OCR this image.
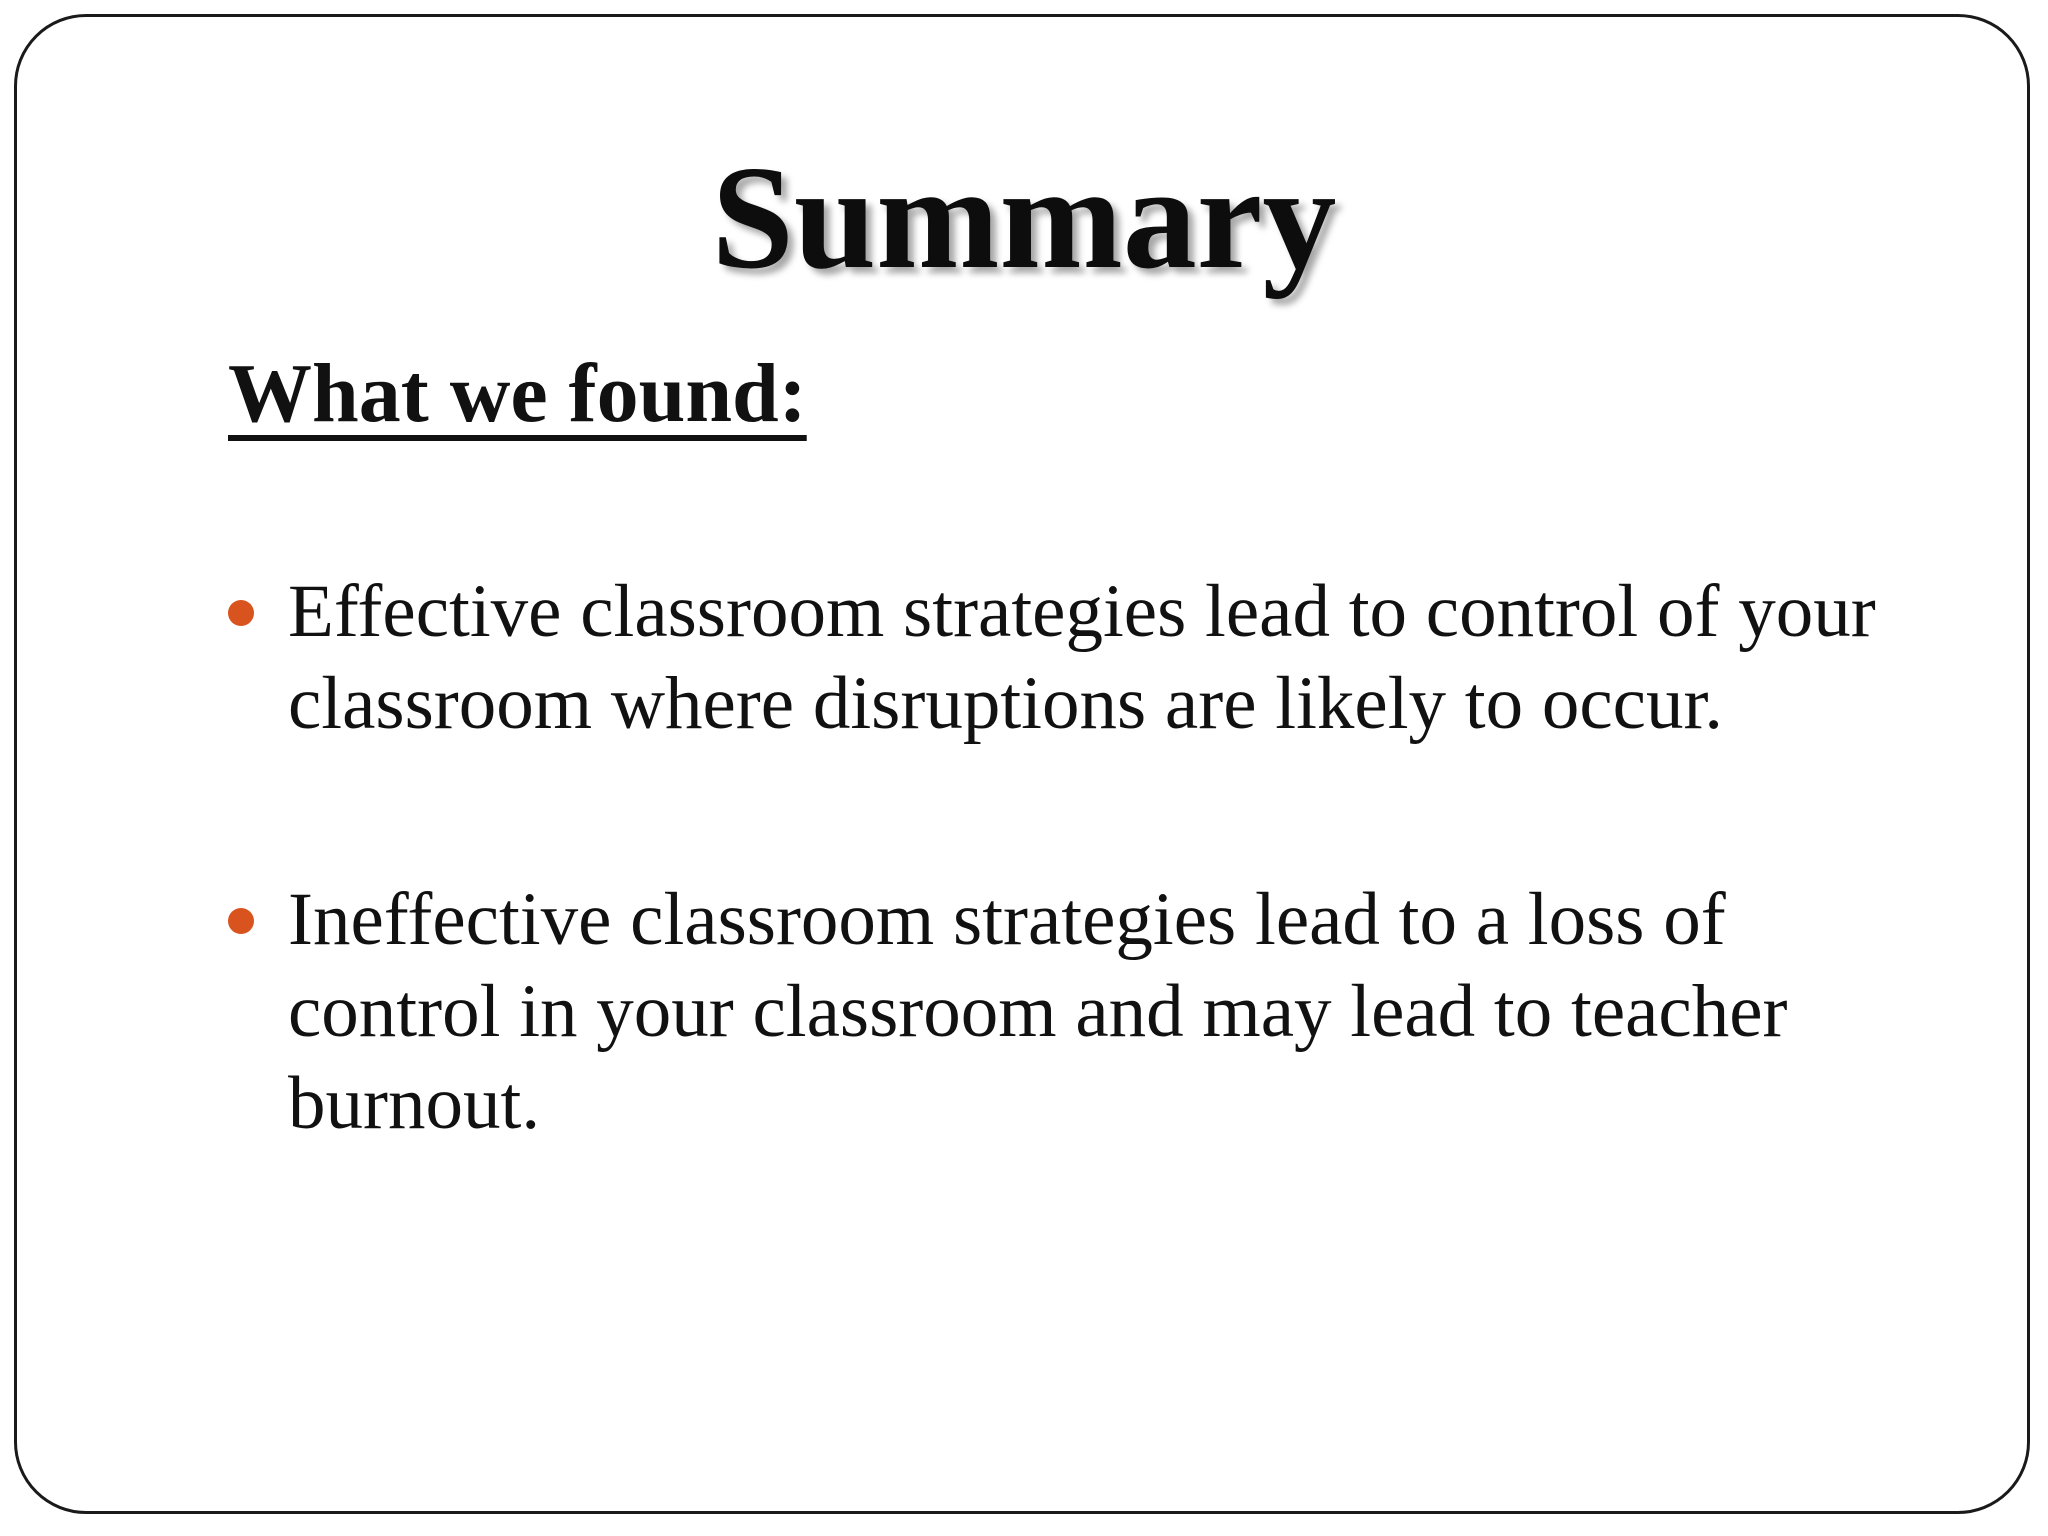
Summary
What we found:
Effective classroom strategies lead to control of your classroom where disruptions are likely to occur.
Ineffective classroom strategies lead to a loss of control in your classroom and may lead to teacher burnout.
